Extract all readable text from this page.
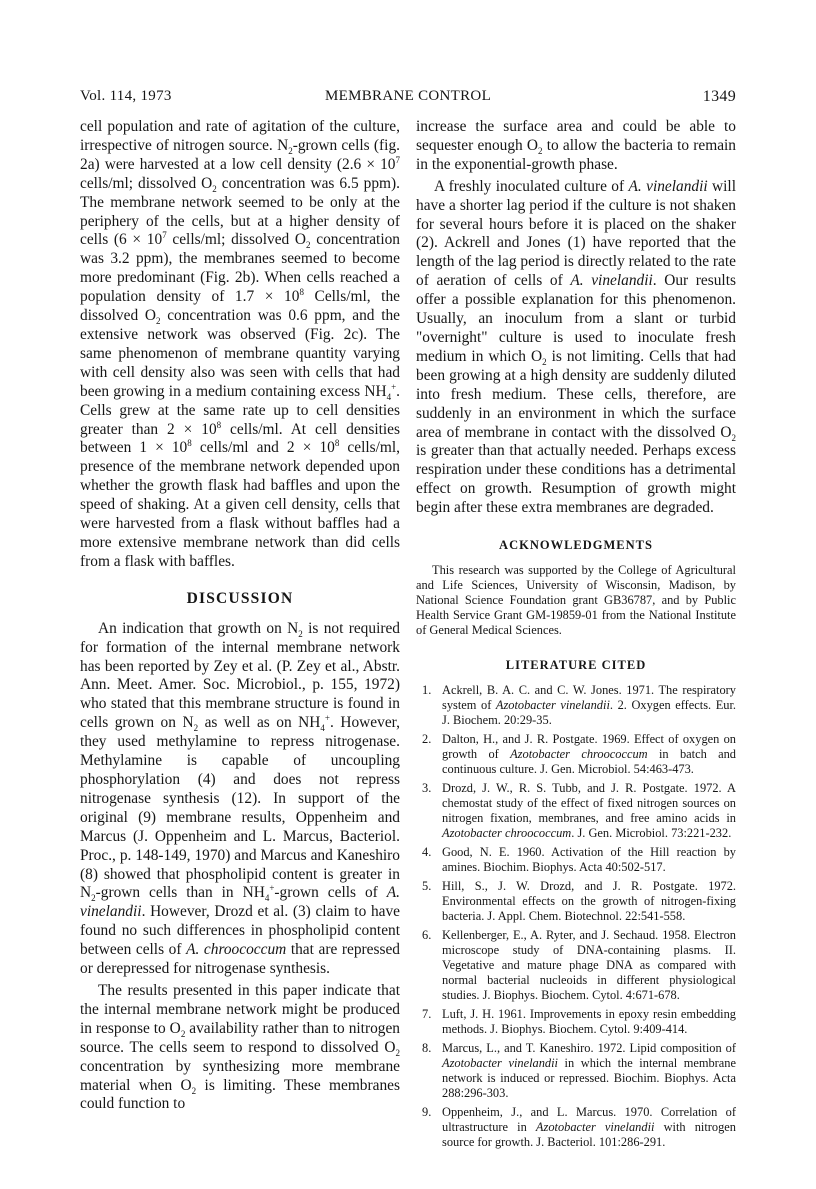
Vol. 114, 1973	MEMBRANE CONTROL	1349

cell population and rate of agitation of the culture, irrespective of nitrogen source. $N_2$-grown cells (fig. 2a) were harvested at a low cell density ($2.6 \times 10^7$ cells/ml; dissolved $O_2$ concentration was 6.5 ppm). The membrane network seemed to be only at the periphery of the cells, but at a higher density of cells ($6 \times 10^7$ cells/ml; dissolved $O_2$ concentration was 3.2 ppm), the membranes seemed to become more predominant (Fig. 2b). When cells reached a population density of $1.7 \times 10^8$ Cells/ml, the dissolved $O_2$ concentration was 0.6 ppm, and the extensive network was observed (Fig. 2c). The same phenomenon of membrane quantity varying with cell density also was seen with cells that had been growing in a medium containing excess $NH_4^+$. Cells grew at the same rate up to cell densities greater than $2 \times 10^8$ cells/ml. At cell densities between $1 \times 10^8$ cells/ml and $2 \times 10^8$ cells/ml, presence of the membrane network depended upon whether the growth flask had baffles and upon the speed of shaking. At a given cell density, cells that were harvested from a flask without baffles had a more extensive membrane network than did cells from a flask with baffles.

DISCUSSION

An indication that growth on $N_2$ is not required for formation of the internal membrane network has been reported by Zey et al. (P. Zey et al., Abstr. Ann. Meet. Amer. Soc. Microbiol., p. 155, 1972) who stated that this membrane structure is found in cells grown on $N_2$ as well as on $NH_4^+$. However, they used methylamine to repress nitrogenase. Methylamine is capable of uncoupling phosphorylation (4) and does not repress nitrogenase synthesis (12). In support of the original (9) membrane results, Oppenheim and Marcus (J. Oppenheim and L. Marcus, Bacteriol. Proc., p. 148-149, 1970) and Marcus and Kaneshiro (8) showed that phospholipid content is greater in $N_2$-grown cells than in $NH_4^+$-grown cells of A. vinelandii. However, Drozd et al. (3) claim to have found no such differences in phospholipid content between cells of A. chroococcum that are repressed or derepressed for nitrogenase synthesis.

The results presented in this paper indicate that the internal membrane network might be produced in response to $O_2$ availability rather than to nitrogen source. The cells seem to respond to dissolved $O_2$ concentration by synthesizing more membrane material when $O_2$ is limiting. These membranes could function to

increase the surface area and could be able to sequester enough $O_2$ to allow the bacteria to remain in the exponential-growth phase.

A freshly inoculated culture of A. vinelandii will have a shorter lag period if the culture is not shaken for several hours before it is placed on the shaker (2). Ackrell and Jones (1) have reported that the length of the lag period is directly related to the rate of aeration of cells of A. vinelandii. Our results offer a possible explanation for this phenomenon. Usually, an inoculum from a slant or turbid "overnight" culture is used to inoculate fresh medium in which $O_2$ is not limiting. Cells that had been growing at a high density are suddenly diluted into fresh medium. These cells, therefore, are suddenly in an environment in which the surface area of membrane in contact with the dissolved $O_2$ is greater than that actually needed. Perhaps excess respiration under these conditions has a detrimental effect on growth. Resumption of growth might begin after these extra membranes are degraded.

ACKNOWLEDGMENTS

This research was supported by the College of Agricultural and Life Sciences, University of Wisconsin, Madison, by National Science Foundation grant GB36787, and by Public Health Service Grant GM-19859-01 from the National Institute of General Medical Sciences.

LITERATURE CITED
1. Ackrell, B. A. C. and C. W. Jones. 1971. The respiratory system of Azotobacter vinelandii. 2. Oxygen effects. Eur. J. Biochem. 20:29-35.
2. Dalton, H., and J. R. Postgate. 1969. Effect of oxygen on growth of Azotobacter chroococcum in batch and continuous culture. J. Gen. Microbiol. 54:463-473.
3. Drozd, J. W., R. S. Tubb, and J. R. Postgate. 1972. A chemostat study of the effect of fixed nitrogen sources on nitrogen fixation, membranes, and free amino acids in Azotobacter chroococcum. J. Gen. Microbiol. 73:221-232.
4. Good, N. E. 1960. Activation of the Hill reaction by amines. Biochim. Biophys. Acta 40:502-517.
5. Hill, S., J. W. Drozd, and J. R. Postgate. 1972. Environmental effects on the growth of nitrogen-fixing bacteria. J. Appl. Chem. Biotechnol. 22:541-558.
6. Kellenberger, E., A. Ryter, and J. Sechaud. 1958. Electron microscope study of DNA-containing plasms. II. Vegetative and mature phage DNA as compared with normal bacterial nucleoids in different physiological studies. J. Biophys. Biochem. Cytol. 4:671-678.
7. Luft, J. H. 1961. Improvements in epoxy resin embedding methods. J. Biophys. Biochem. Cytol. 9:409-414.
8. Marcus, L., and T. Kaneshiro. 1972. Lipid composition of Azotobacter vinelandii in which the internal membrane network is induced or repressed. Biochim. Biophys. Acta 288:296-303.
9. Oppenheim, J., and L. Marcus. 1970. Correlation of ultrastructure in Azotobacter vinelandii with nitrogen source for growth. J. Bacteriol. 101:286-291.
